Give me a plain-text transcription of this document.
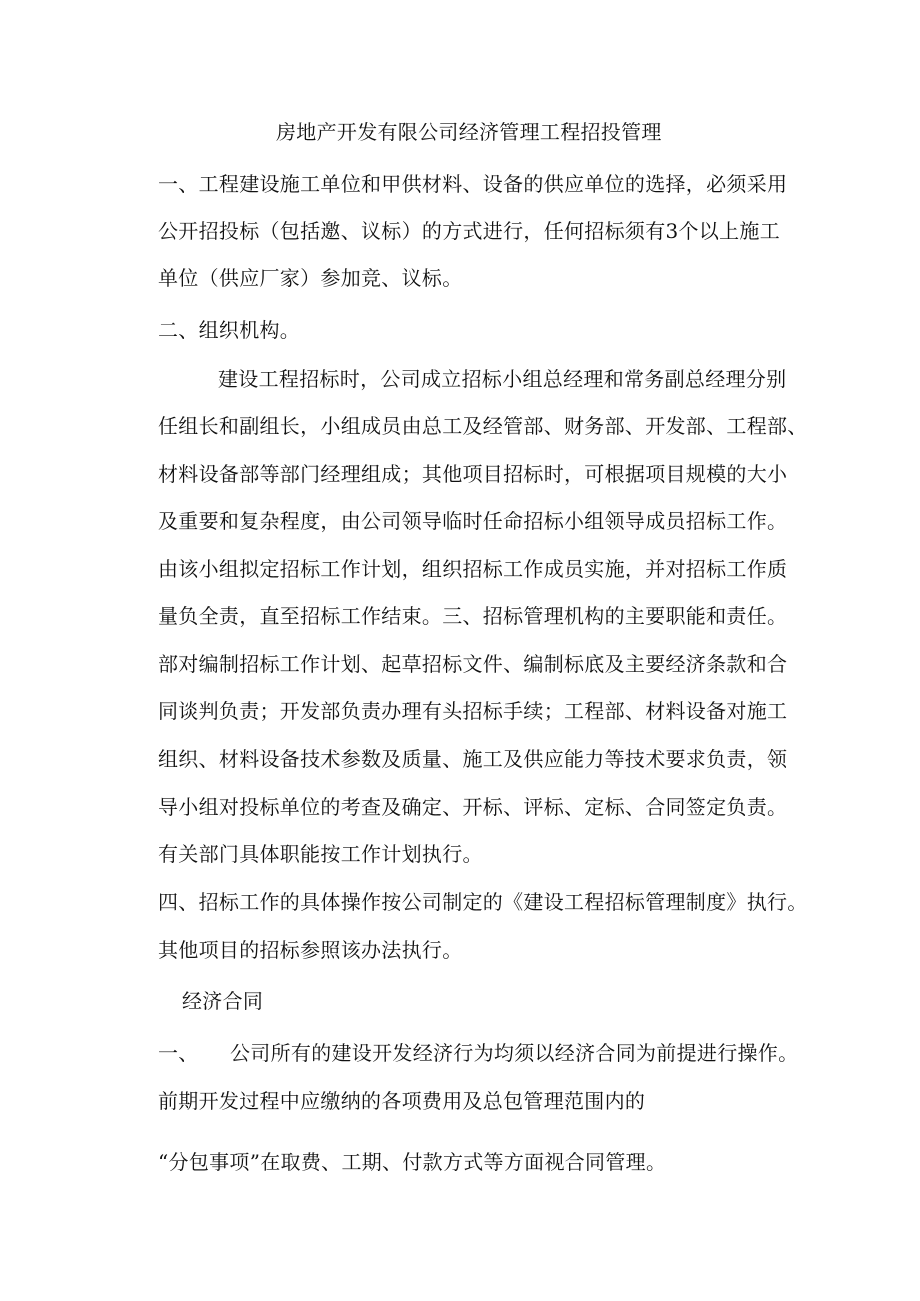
房地产开发有限公司经济管理工程招投管理
一、工程建设施工单位和甲供材料、设备的供应单位的选择，必须采用
公开招投标（包括邀、议标）的方式进行，任何招标须有3个以上施工
单位（供应厂家）参加竞、议标。
二、组织机构。
建设工程招标时，公司成立招标小组总经理和常务副总经理分别
任组长和副组长，小组成员由总工及经管部、财务部、开发部、工程部、
材料设备部等部门经理组成；其他项目招标时，可根据项目规模的大小
及重要和复杂程度，由公司领导临时任命招标小组领导成员招标工作。
由该小组拟定招标工作计划，组织招标工作成员实施，并对招标工作质
量负全责，直至招标工作结束。三、招标管理机构的主要职能和责任。
部对编制招标工作计划、起草招标文件、编制标底及主要经济条款和合
同谈判负责；开发部负责办理有头招标手续；工程部、材料设备对施工
组织、材料设备技术参数及质量、施工及供应能力等技术要求负责，领
导小组对投标单位的考查及确定、开标、评标、定标、合同签定负责。
有关部门具体职能按工作计划执行。
四、招标工作的具体操作按公司制定的《建设工程招标管理制度》执行。
其他项目的招标参照该办法执行。
经济合同
一、 公司所有的建设开发经济行为均须以经济合同为前提进行操作。
前期开发过程中应缴纳的各项费用及总包管理范围内的
“分包事项”在取费、工期、付款方式等方面视合同管理。
